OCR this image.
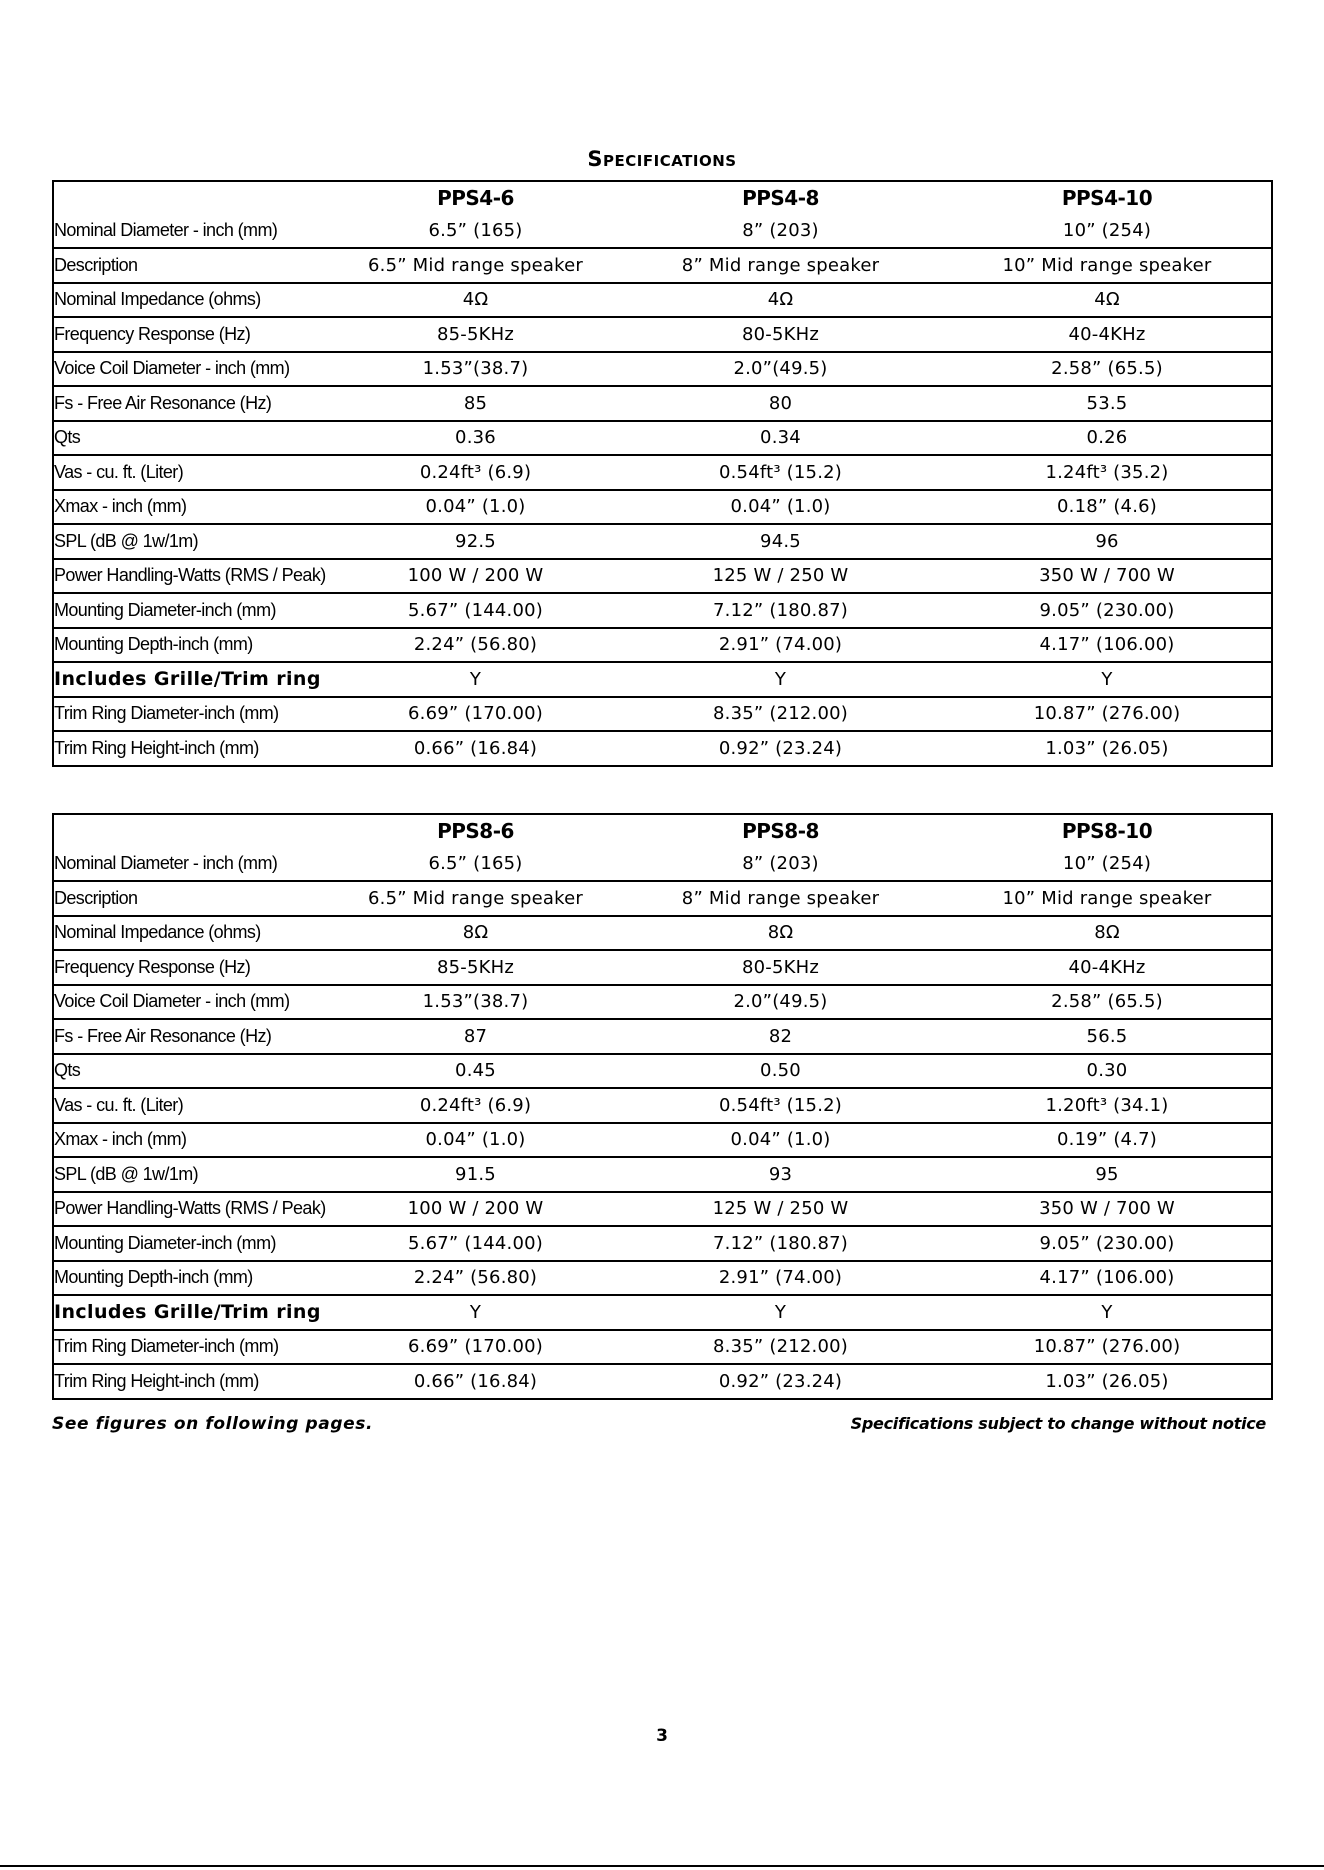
Specifications
	PPS4-6	PPS4-8	PPS4-10
Nominal Diameter - inch (mm)	6.5” (165)	8” (203)	10” (254)
Description	6.5” Mid range speaker	8” Mid range speaker	10” Mid range speaker
Nominal Impedance (ohms)	4Ω	4Ω	4Ω
Frequency Response (Hz)	85-5KHz	80-5KHz	40-4KHz
Voice Coil Diameter - inch (mm)	1.53”(38.7)	2.0”(49.5)	2.58” (65.5)
Fs - Free Air Resonance (Hz)	85	80	53.5
Qts	0.36	0.34	0.26
Vas - cu. ft. (Liter)	0.24ft³ (6.9)	0.54ft³ (15.2)	1.24ft³ (35.2)
Xmax - inch (mm)	0.04” (1.0)	0.04” (1.0)	0.18” (4.6)
SPL (dB @ 1w/1m)	92.5	94.5	96
Power Handling-Watts (RMS / Peak)	100 W / 200 W	125 W / 250 W	350 W / 700 W
Mounting Diameter-inch (mm)	5.67” (144.00)	7.12” (180.87)	9.05” (230.00)
Mounting Depth-inch (mm)	2.24” (56.80)	2.91” (74.00)	4.17” (106.00)
Includes Grille/Trim ring	Y	Y	Y
Trim Ring Diameter-inch (mm)	6.69” (170.00)	8.35” (212.00)	10.87” (276.00)
Trim Ring Height-inch (mm)	0.66” (16.84)	0.92” (23.24)	1.03” (26.05)
	PPS8-6	PPS8-8	PPS8-10
Nominal Diameter - inch (mm)	6.5” (165)	8” (203)	10” (254)
Description	6.5” Mid range speaker	8” Mid range speaker	10” Mid range speaker
Nominal Impedance (ohms)	8Ω	8Ω	8Ω
Frequency Response (Hz)	85-5KHz	80-5KHz	40-4KHz
Voice Coil Diameter - inch (mm)	1.53”(38.7)	2.0”(49.5)	2.58” (65.5)
Fs - Free Air Resonance (Hz)	87	82	56.5
Qts	0.45	0.50	0.30
Vas - cu. ft. (Liter)	0.24ft³ (6.9)	0.54ft³ (15.2)	1.20ft³ (34.1)
Xmax - inch (mm)	0.04” (1.0)	0.04” (1.0)	0.19” (4.7)
SPL (dB @ 1w/1m)	91.5	93	95
Power Handling-Watts (RMS / Peak)	100 W / 200 W	125 W / 250 W	350 W / 700 W
Mounting Diameter-inch (mm)	5.67” (144.00)	7.12” (180.87)	9.05” (230.00)
Mounting Depth-inch (mm)	2.24” (56.80)	2.91” (74.00)	4.17” (106.00)
Includes Grille/Trim ring	Y	Y	Y
Trim Ring Diameter-inch (mm)	6.69” (170.00)	8.35” (212.00)	10.87” (276.00)
Trim Ring Height-inch (mm)	0.66” (16.84)	0.92” (23.24)	1.03” (26.05)
See figures on following pages.	Specifications subject to change without notice
3
